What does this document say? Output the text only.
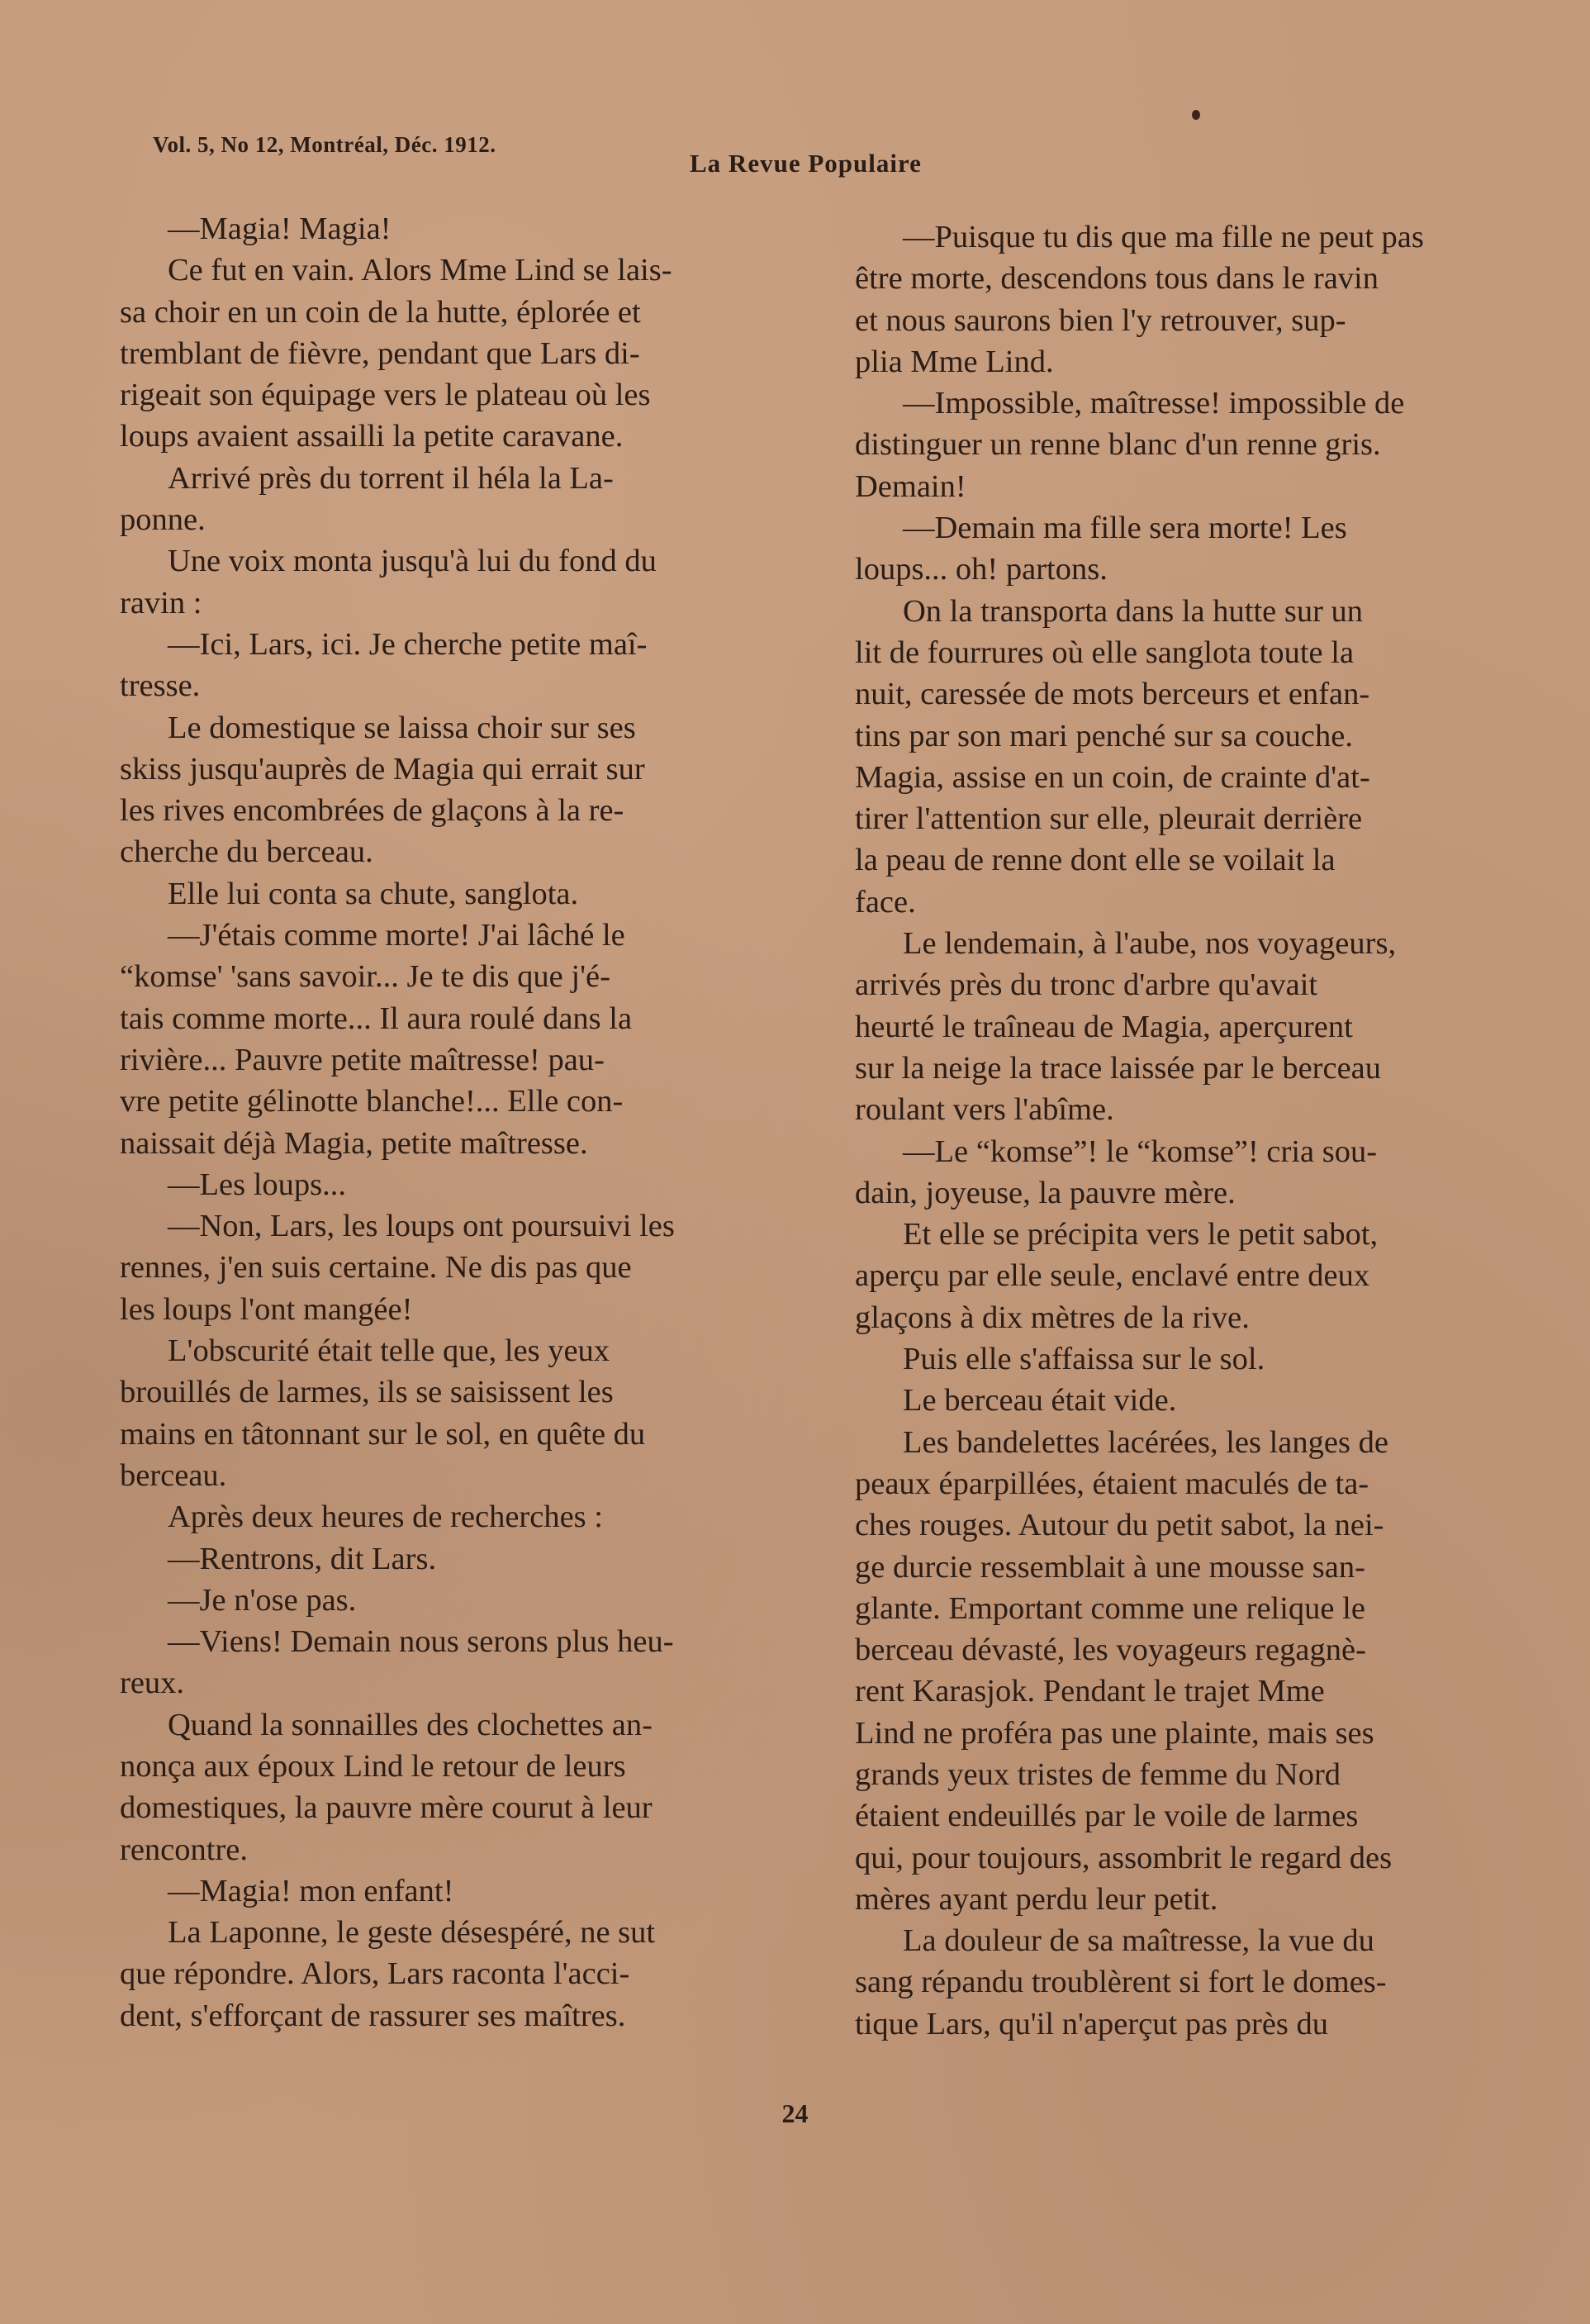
Vol. 5, No 12, Montréal, Déc. 1912.
La Revue Populaire

—Magia! Magia!

Ce fut en vain. Alors Mme Lind se lais-
sa choir en un coin de la hutte, éplorée et
tremblant de fièvre, pendant que Lars di-
rigeait son équipage vers le plateau où les
loups avaient assailli la petite caravane.

Arrivé près du torrent il héla la La-
ponne.

Une voix monta jusqu'à lui du fond du
ravin :

—Ici, Lars, ici. Je cherche petite maî-
tresse.

Le domestique se laissa choir sur ses
skiss jusqu'auprès de Magia qui errait sur
les rives encombrées de glaçons à la re-
cherche du berceau.

Elle lui conta sa chute, sanglota.

—J'étais comme morte! J'ai lâché le
“komse' 'sans savoir... Je te dis que j'é-
tais comme morte... Il aura roulé dans la
rivière... Pauvre petite maîtresse! pau-
vre petite gélinotte blanche!... Elle con-
naissait déjà Magia, petite maîtresse.

—Les loups...

—Non, Lars, les loups ont poursuivi les
rennes, j'en suis certaine. Ne dis pas que
les loups l'ont mangée!

L'obscurité était telle que, les yeux
brouillés de larmes, ils se saisissent les
mains en tâtonnant sur le sol, en quête du
berceau.

Après deux heures de recherches :

—Rentrons, dit Lars.

—Je n'ose pas.

—Viens! Demain nous serons plus heu-
reux.

Quand la sonnailles des clochettes an-
nonça aux époux Lind le retour de leurs
domestiques, la pauvre mère courut à leur
rencontre.

—Magia! mon enfant!

La Laponne, le geste désespéré, ne sut
que répondre. Alors, Lars raconta l'acci-
dent, s'efforçant de rassurer ses maîtres.

—Puisque tu dis que ma fille ne peut pas
être morte, descendons tous dans le ravin
et nous saurons bien l'y retrouver, sup-
plia Mme Lind.

—Impossible, maîtresse! impossible de
distinguer un renne blanc d'un renne gris.
Demain!

—Demain ma fille sera morte! Les
loups... oh! partons.

On la transporta dans la hutte sur un
lit de fourrures où elle sanglota toute la
nuit, caressée de mots berceurs et enfan-
tins par son mari penché sur sa couche.
Magia, assise en un coin, de crainte d'at-
tirer l'attention sur elle, pleurait derrière
la peau de renne dont elle se voilait la
face.

Le lendemain, à l'aube, nos voyageurs,
arrivés près du tronc d'arbre qu'avait
heurté le traîneau de Magia, aperçurent
sur la neige la trace laissée par le berceau
roulant vers l'abîme.

—Le “komse”! le “komse”! cria sou-
dain, joyeuse, la pauvre mère.

Et elle se précipita vers le petit sabot,
aperçu par elle seule, enclavé entre deux
glaçons à dix mètres de la rive.

Puis elle s'affaissa sur le sol.

Le berceau était vide.

Les bandelettes lacérées, les langes de
peaux éparpillées, étaient maculés de ta-
ches rouges. Autour du petit sabot, la nei-
ge durcie ressemblait à une mousse san-
glante. Emportant comme une relique le
berceau dévasté, les voyageurs regagnè-
rent Karasjok. Pendant le trajet Mme
Lind ne proféra pas une plainte, mais ses
grands yeux tristes de femme du Nord
étaient endeuillés par le voile de larmes
qui, pour toujours, assombrit le regard des
mères ayant perdu leur petit.

La douleur de sa maîtresse, la vue du
sang répandu troublèrent si fort le domes-
tique Lars, qu'il n'aperçut pas près du

24
